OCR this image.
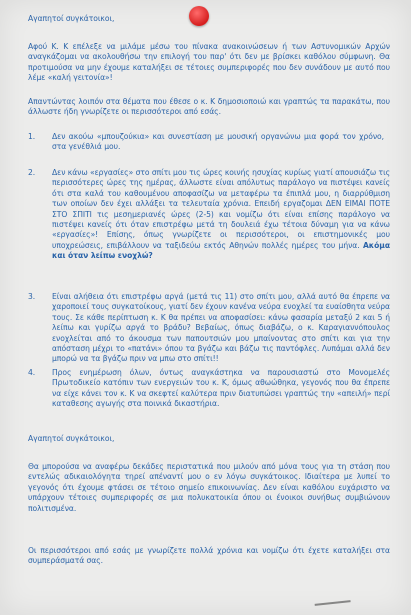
Αγαπητοί συγκάτοικοι,

Αφού Κ. Κ επέλεξε να μιλάμε μέσω του πίνακα ανακοινώσεων ή των Αστυνομικών Αρχών αναγκάζομαι να ακολουθήσω την επιλογή του παρ' ότι δεν με βρίσκει καθόλου σύμφωνη. Θα προτιμούσα να μην έχουμε καταλήξει σε τέτοιες συμπεριφορές που δεν συνάδουν με αυτό που λέμε «καλή γειτονία»!

Απαντώντας λοιπόν στα θέματα που έθεσε ο κ. Κ δημοσιοποιώ και γραπτώς τα παρακάτω, που άλλωστε ήδη γνωρίζετε οι περισσότεροι από εσάς.

1.	Δεν ακούω «μπουζούκια» και συνεστίαση με μουσική οργανώνω μια φορά τον χρόνο, στα γενέθλιά μου.

2.	Δεν κάνω «εργασίες» στο σπίτι μου τις ώρες κοινής ησυχίας κυρίως γιατί απουσιάζω τις περισσότερες ώρες της ημέρας, άλλωστε είναι απόλυτως παράλογο να πιστέψει κανείς ότι στα καλά του καθουμένου αποφασίζω να μεταφέρω τα έπιπλά μου, η διαρρύθμιση των οποίων δεν έχει αλλάξει τα τελευταία χρόνια. Επειδή εργαζομαι ΔΕΝ ΕΙΜΑΙ ΠΟΤΕ ΣΤΟ ΣΠΙΤΙ τις μεσημεριανές ώρες (2-5) και νομίζω ότι είναι επίσης παράλογο να πιστέψει κανείς ότι όταν επιστρέφω μετά τη δουλειά έχω τέτοια δύναμη για να κάνω «εργασίες»! Επίσης, όπως γνωρίζετε οι περισσότεροι, οι επιστημονικές μου υποχρεώσεις, επιβάλλουν να ταξιδεύω εκτός Αθηνών πολλές ημέρες του μήνα. Ακόμα και όταν λείπω ενοχλώ?

3.	Είναι αλήθεια ότι επιστρέφω αργά (μετά τις 11) στο σπίτι μου, αλλά αυτό θα έπρεπε να χαροποιεί τους συγκατοίκους, γιατί δεν έχουν κανένα νεύρα ενοχλεί τα ευαίσθητα νεύρα τους. Σε κάθε περίπτωση κ. Κ θα πρέπει να αποφασίσει: κάνω φασαρία μεταξύ 2 και 5 ή λείπω και γυρίζω αργά το βράδυ? Βεβαίως, όπως διαβάζω, ο κ. Καραγιαννόπουλος ενοχλείται από το άκουσμα των παπουτσιών μου μπαίνοντας στο σπίτι και για την απόσταση μέχρι το «πατάνι» όπου τα βγάζω και βάζω τις παντόφλες. Λυπάμαι αλλά δεν μπορώ να τα βγάζω πριν να μπω στο σπίτι!!

4.	Προς ενημέρωση όλων, όντως αναγκάστηκα να παρουσιαστώ στο Μονομελές Πρωτοδικείο κατόπιν των ενεργειών του κ. Κ, όμως αθωώθηκα, γεγονός που θα έπρεπε να είχε κάνει τον κ. Κ να σκεφτεί καλύτερα πριν διατυπώσει γραπτώς την «απειλή» περί καταθεσης αγωγής στα ποινικά δικαστήρια.

Αγαπητοί συγκάτοικοι,

Θα μπορούσα να αναφέρω δεκάδες περιστατικά που μιλούν από μόνα τους για τη στάση που εντελώς αδικαιολόγητα τηρεί απέναντί μου ο εν λόγω συγκάτοικος. Ιδιαίτερα με λυπεί το γεγονός ότι έχουμε φτάσει σε τέτοιο σημείο επικοινωνίας. Δεν είναι καθόλου ευχάριστο να υπάρχουν τέτοιες συμπεριφορές σε μια πολυκατοικία όπου οι ένοικοι συνήθως συμβιώνουν πολιτισμένα.

Οι περισσότεροι από εσάς με γνωρίζετε πολλά χρόνια και νομίζω ότι έχετε καταλήξει στα συμπεράσματά σας.
